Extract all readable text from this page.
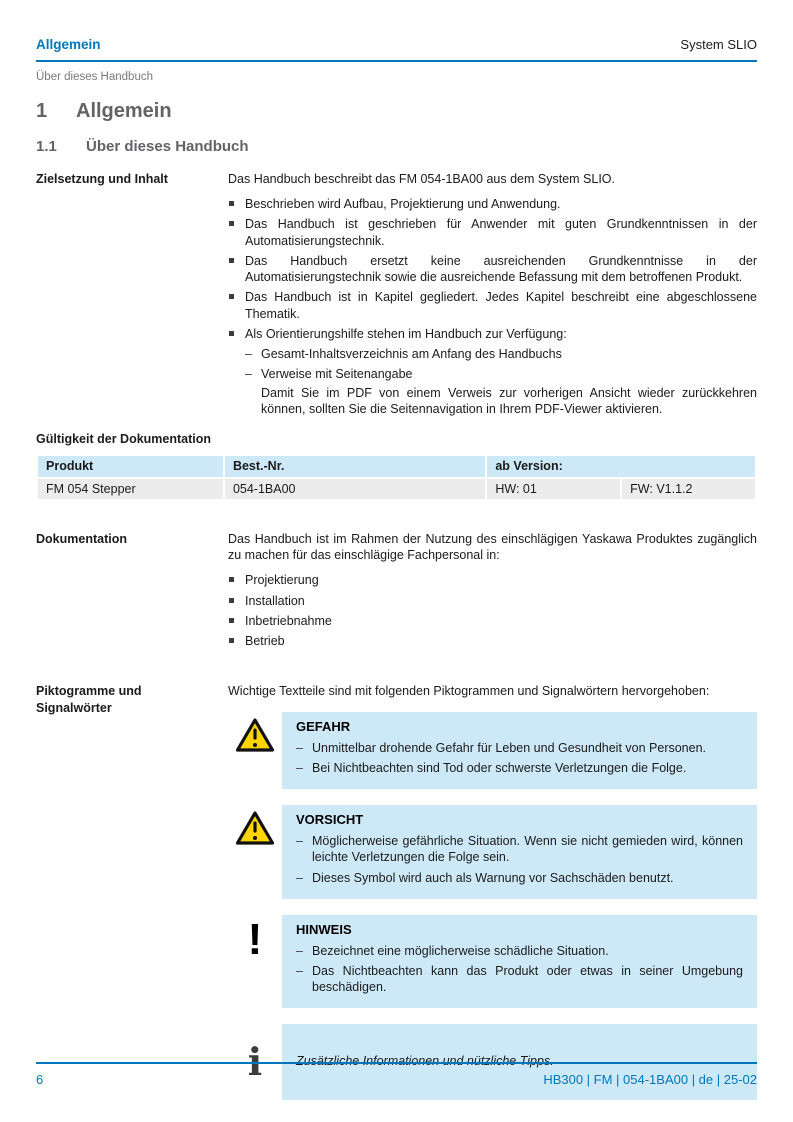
Allgemein	System SLIO
Über dieses Handbuch
1	Allgemein
1.1	Über dieses Handbuch
Zielsetzung und Inhalt	Das Handbuch beschreibt das FM 054-1BA00 aus dem System SLIO.

Beschrieben wird Aufbau, Projektierung und Anwendung.
Das Handbuch ist geschrieben für Anwender mit guten Grundkenntnissen in der Automatisierungstechnik.
Das Handbuch ersetzt keine ausreichenden Grundkenntnisse in der Automatisierungstechnik sowie die ausreichende Befassung mit dem betroffenen Produkt.
Das Handbuch ist in Kapitel gegliedert. Jedes Kapitel beschreibt eine abgeschlossene Thematik.
Als Orientierungshilfe stehen im Handbuch zur Verfügung:
– Gesamt-Inhaltsverzeichnis am Anfang des Handbuchs
– Verweise mit Seitenangabe
Damit Sie im PDF von einem Verweis zur vorherigen Ansicht wieder zurückkehren können, sollten Sie die Seitennavigation in Ihrem PDF-Viewer aktivieren.
Gültigkeit der Dokumentation
Produkt	Best.-Nr.	ab Version:	
FM 054 Stepper	054-1BA00	HW: 01	FW: V1.1.2
Dokumentation	Das Handbuch ist im Rahmen der Nutzung des einschlägigen Yaskawa Produktes zugänglich zu machen für das einschlägige Fachpersonal in:

Projektierung
Installation
Inbetriebnahme
Betrieb
Piktogramme und Signalwörter

Wichtige Textteile sind mit folgenden Piktogrammen und Signalwörtern hervorgehoben:

GEFAHR
– Unmittelbar drohende Gefahr für Leben und Gesundheit von Personen.
– Bei Nichtbeachten sind Tod oder schwerste Verletzungen die Folge.
VORSICHT
– Möglicherweise gefährliche Situation. Wenn sie nicht gemieden wird, können leichte Verletzungen die Folge sein.
– Dieses Symbol wird auch als Warnung vor Sachschäden benutzt.
!	HINWEIS
– Bezeichnet eine möglicherweise schädliche Situation.
– Das Nichtbeachten kann das Produkt oder etwas in seiner Umgebung beschädigen.
ℹ	Zusätzliche Informationen und nützliche Tipps.
6	HB300 | FM | 054-1BA00 | de | 25-02
